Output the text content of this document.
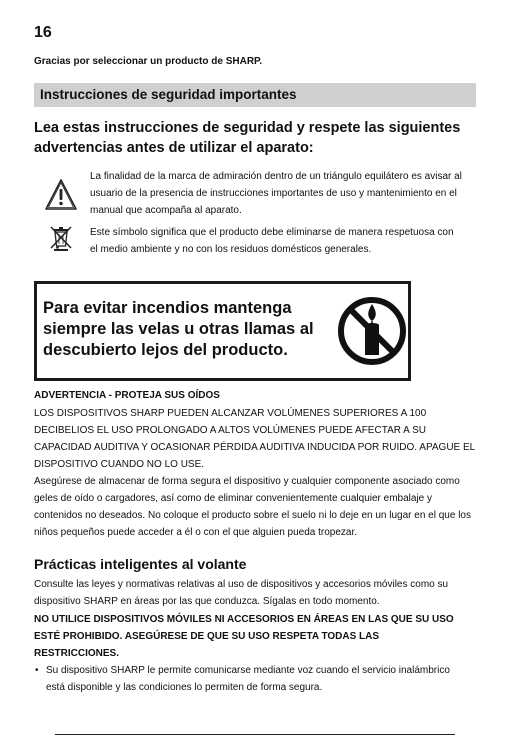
16
Gracias por seleccionar un producto de SHARP.
Instrucciones de seguridad importantes
Lea estas instrucciones de seguridad y respete las siguientes advertencias antes de utilizar el aparato:
La finalidad de la marca de admiración dentro de un triángulo equilátero es avisar al usuario de la presencia de instrucciones importantes de uso y mantenimiento en el manual que acompaña al aparato.
Este símbolo significa que el producto debe eliminarse de manera respetuosa con el medio ambiente y no con los residuos domésticos generales.
Para evitar incendios mantenga siempre las velas u otras llamas al descubierto lejos del producto.
ADVERTENCIA - PROTEJA SUS OÍDOS

LOS DISPOSITIVOS SHARP PUEDEN ALCANZAR VOLÚMENES SUPERIORES A 100 DECIBELIOS EL USO PROLONGADO A ALTOS VOLÚMENES PUEDE AFECTAR A SU CAPACIDAD AUDITIVA Y OCASIONAR PÉRDIDA AUDITIVA INDUCIDA POR RUIDO. APAGUE EL DISPOSITIVO CUANDO NO LO USE.

Asegúrese de almacenar de forma segura el dispositivo y cualquier componente asociado como geles de oído o cargadores, así como de eliminar convenientemente cualquier embalaje y contenidos no deseados. No coloque el producto sobre el suelo ni lo deje en un lugar en el que los niños pequeños puede acceder a él o con el que alguien pueda tropezar.

Prácticas inteligentes al volante
Consulte las leyes y normativas relativas al uso de dispositivos y accesorios móviles como su dispositivo SHARP en áreas por las que conduzca. Sígalas en todo momento.
NO UTILICE DISPOSITIVOS MÓVILES NI ACCESORIOS EN ÁREAS EN LAS QUE SU USO ESTÉ PROHIBIDO. ASEGÚRESE DE QUE SU USO RESPETA TODAS LAS RESTRICCIONES.
• Su dispositivo SHARP le permite comunicarse mediante voz cuando el servicio inalámbrico está disponible y las condiciones lo permiten de forma segura.
